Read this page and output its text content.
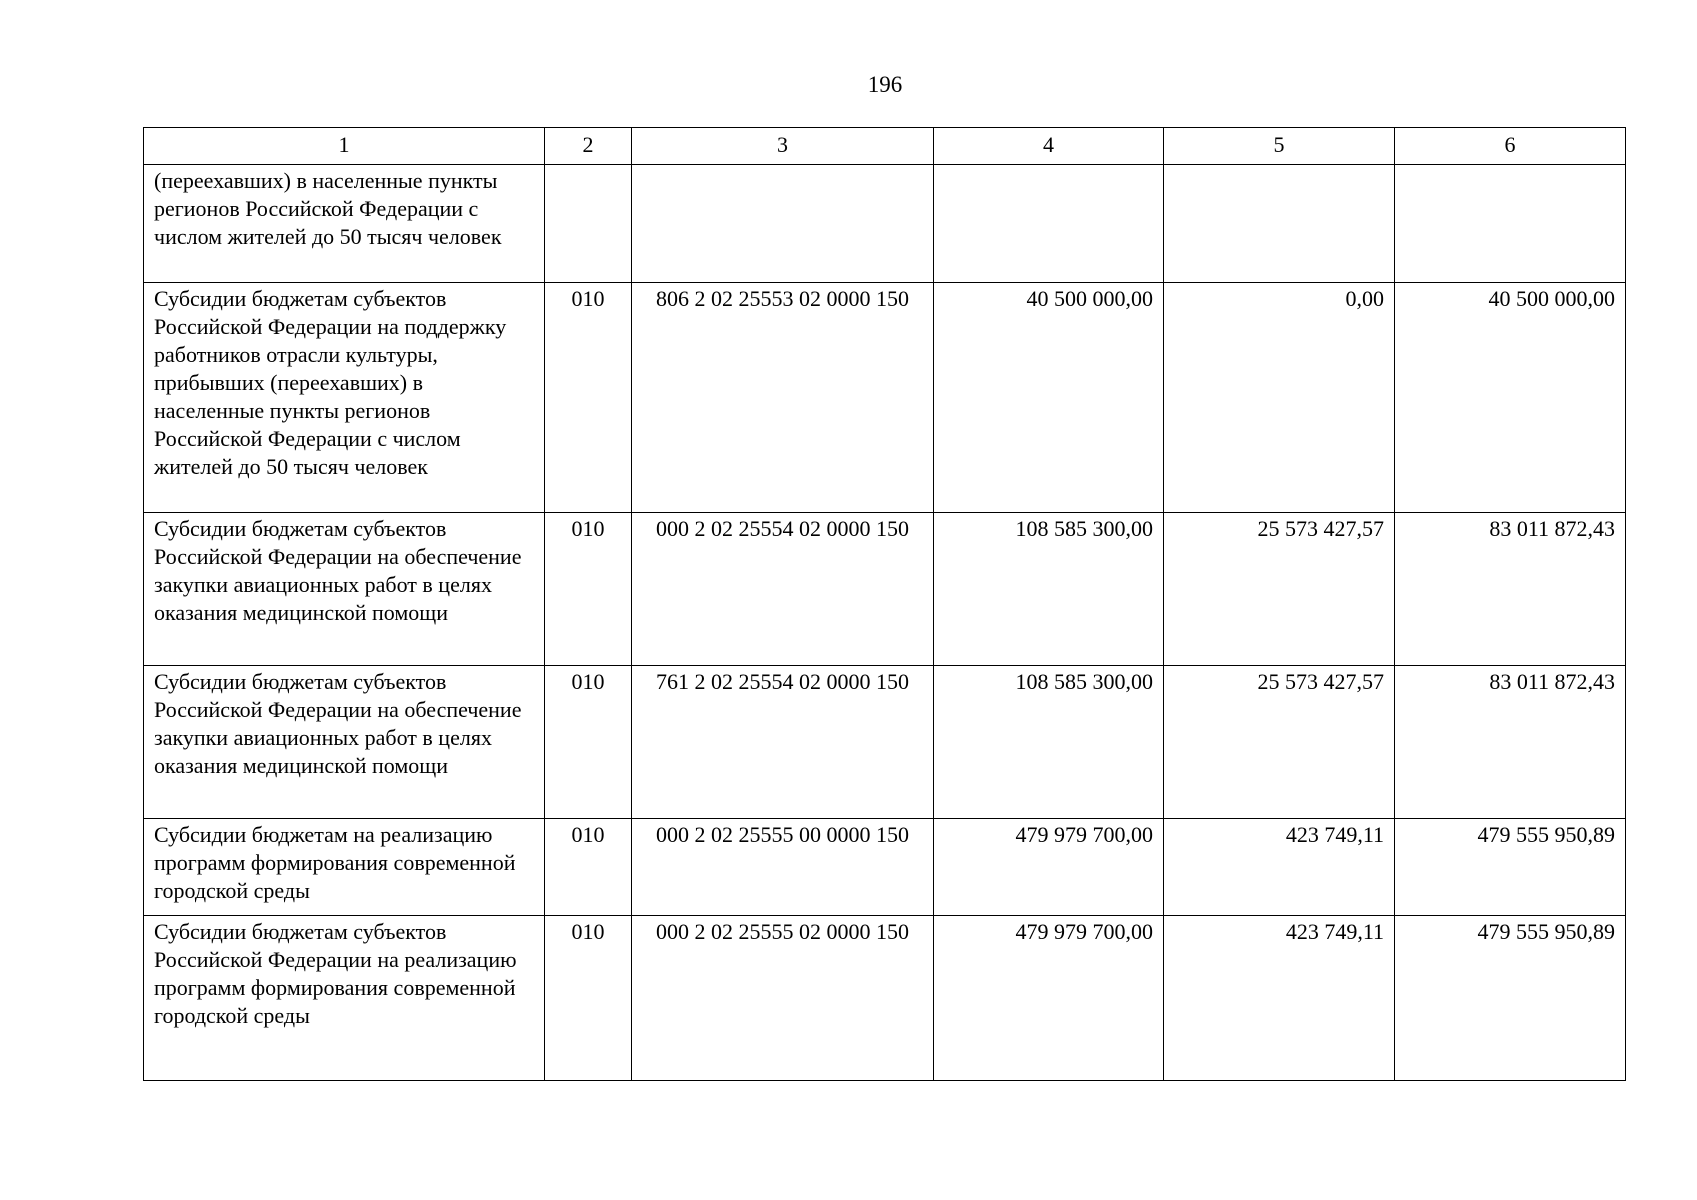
196
1	2	3	4	5	6
(переехавших) в населенные пункты регионов Российской Федерации с числом жителей до 50 тысяч человек					
Субсидии бюджетам субъектов Российской Федерации на поддержку работников отрасли культуры, прибывших (переехавших) в населенные пункты регионов Российской Федерации с числом жителей до 50 тысяч человек	010	806 2 02 25553 02 0000 150	40 500 000,00	0,00	40 500 000,00
Субсидии бюджетам субъектов Российской Федерации на обеспечение закупки авиационных работ в целях оказания медицинской помощи	010	000 2 02 25554 02 0000 150	108 585 300,00	25 573 427,57	83 011 872,43
Субсидии бюджетам субъектов Российской Федерации на обеспечение закупки авиационных работ в целях оказания медицинской помощи	010	761 2 02 25554 02 0000 150	108 585 300,00	25 573 427,57	83 011 872,43
Субсидии бюджетам на реализацию программ формирования современной городской среды	010	000 2 02 25555 00 0000 150	479 979 700,00	423 749,11	479 555 950,89
Субсидии бюджетам субъектов Российской Федерации на реализацию программ формирования современной городской среды	010	000 2 02 25555 02 0000 150	479 979 700,00	423 749,11	479 555 950,89
